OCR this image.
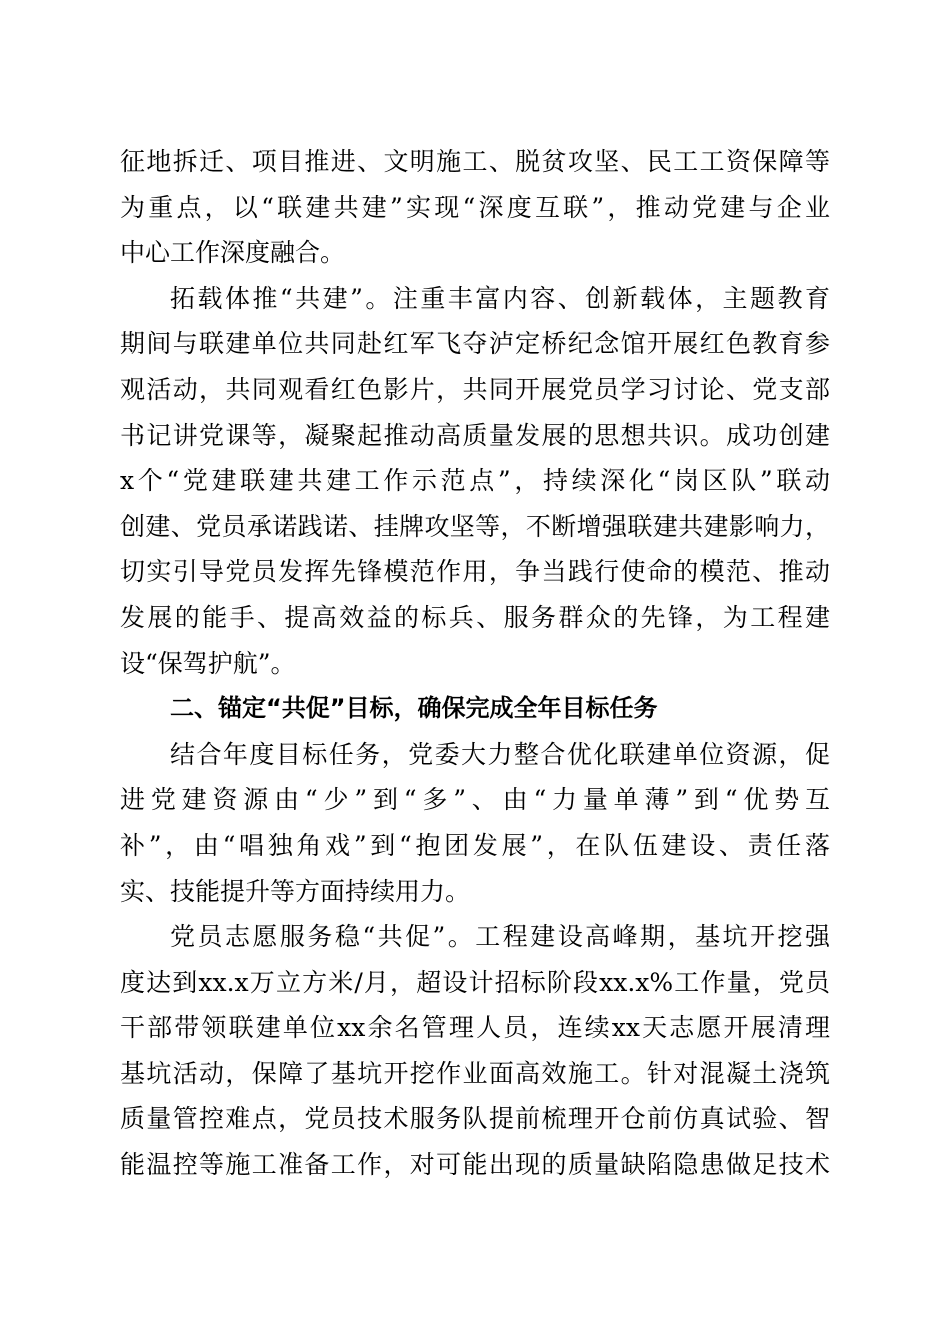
征地拆迁、项目推进、文明施工、脱贫攻坚、民工工资保障等
为重点，以“联建共建”实现“深度互联”，推动党建与企业
中心工作深度融合。
拓载体推“共建”。注重丰富内容、创新载体，主题教育
期间与联建单位共同赴红军飞夺泸定桥纪念馆开展红色教育参
观活动，共同观看红色影片，共同开展党员学习讨论、党支部
书记讲党课等，凝聚起推动高质量发展的思想共识。成功创建
x个“党建联建共建工作示范点”，持续深化“岗区队”联动
创建、党员承诺践诺、挂牌攻坚等，不断增强联建共建影响力，
切实引导党员发挥先锋模范作用，争当践行使命的模范、推动
发展的能手、提高效益的标兵、服务群众的先锋，为工程建
设“保驾护航”。
二、锚定“共促”目标，确保完成全年目标任务
结合年度目标任务，党委大力整合优化联建单位资源，促
进党建资源由“少”到“多”、由“力量单薄”到“优势互
补”，由“唱独角戏”到“抱团发展”，在队伍建设、责任落
实、技能提升等方面持续用力。
党员志愿服务稳“共促”。工程建设高峰期，基坑开挖强
度达到xx.x万立方米/月，超设计招标阶段xx.x%工作量，党员
干部带领联建单位xx余名管理人员，连续xx天志愿开展清理
基坑活动，保障了基坑开挖作业面高效施工。针对混凝土浇筑
质量管控难点，党员技术服务队提前梳理开仓前仿真试验、智
能温控等施工准备工作，对可能出现的质量缺陷隐患做足技术
